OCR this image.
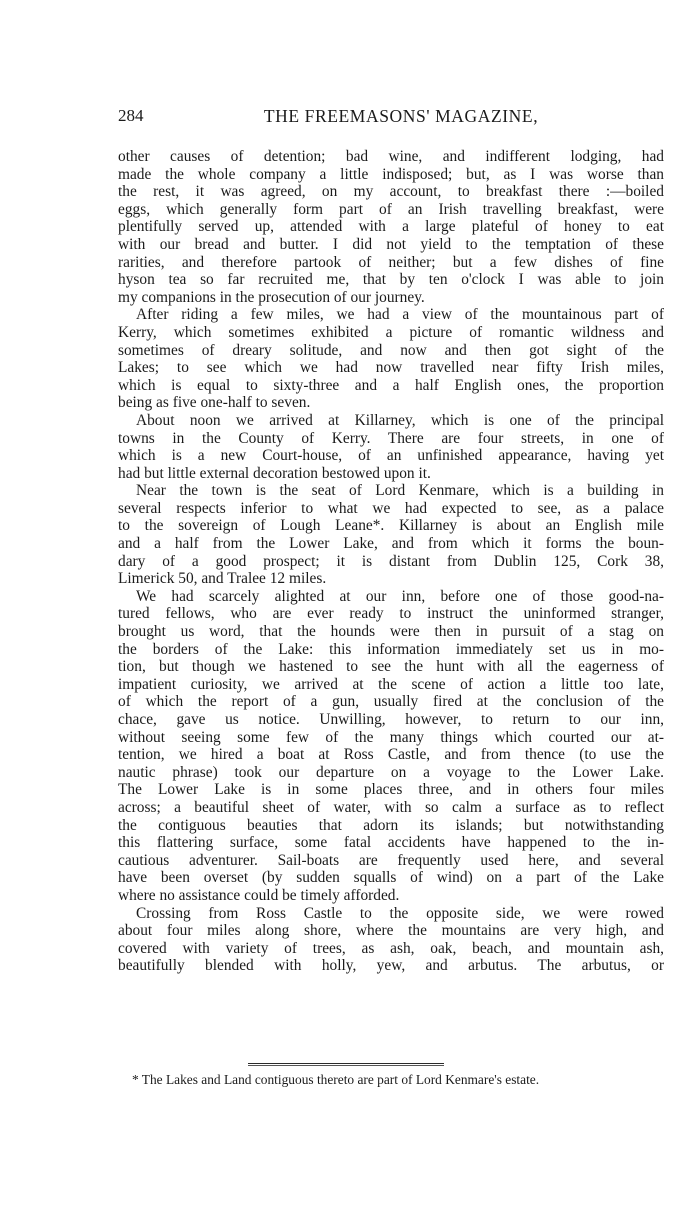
284	THE FREEMASONS' MAGAZINE,
other causes of detention; bad wine, and indifferent lodging, had
made the whole company a little indisposed; but, as I was worse than
the rest, it was agreed, on my account, to breakfast there :—boiled
eggs, which generally form part of an Irish travelling breakfast, were
plentifully served up, attended with a large plateful of honey to eat
with our bread and butter. I did not yield to the temptation of these
rarities, and therefore partook of neither; but a few dishes of fine
hyson tea so far recruited me, that by ten o'clock I was able to join
my companions in the prosecution of our journey.
After riding a few miles, we had a view of the mountainous part of
Kerry, which sometimes exhibited a picture of romantic wildness and
sometimes of dreary solitude, and now and then got sight of the
Lakes; to see which we had now travelled near fifty Irish miles,
which is equal to sixty-three and a half English ones, the proportion
being as five one-half to seven.
About noon we arrived at Killarney, which is one of the principal
towns in the County of Kerry. There are four streets, in one of
which is a new Court-house, of an unfinished appearance, having yet
had but little external decoration bestowed upon it.
Near the town is the seat of Lord Kenmare, which is a building in
several respects inferior to what we had expected to see, as a palace
to the sovereign of Lough Leane*. Killarney is about an English mile
and a half from the Lower Lake, and from which it forms the boun-
dary of a good prospect; it is distant from Dublin 125, Cork 38,
Limerick 50, and Tralee 12 miles.
We had scarcely alighted at our inn, before one of those good-na-
tured fellows, who are ever ready to instruct the uninformed stranger,
brought us word, that the hounds were then in pursuit of a stag on
the borders of the Lake: this information immediately set us in mo-
tion, but though we hastened to see the hunt with all the eagerness of
impatient curiosity, we arrived at the scene of action a little too late,
of which the report of a gun, usually fired at the conclusion of the
chace, gave us notice. Unwilling, however, to return to our inn,
without seeing some few of the many things which courted our at-
tention, we hired a boat at Ross Castle, and from thence (to use the
nautic phrase) took our departure on a voyage to the Lower Lake.
The Lower Lake is in some places three, and in others four miles
across; a beautiful sheet of water, with so calm a surface as to reflect
the contiguous beauties that adorn its islands; but notwithstanding
this flattering surface, some fatal accidents have happened to the in-
cautious adventurer. Sail-boats are frequently used here, and several
have been overset (by sudden squalls of wind) on a part of the Lake
where no assistance could be timely afforded.
Crossing from Ross Castle to the opposite side, we were rowed
about four miles along shore, where the mountains are very high, and
covered with variety of trees, as ash, oak, beach, and mountain ash,
beautifully blended with holly, yew, and arbutus. The arbutus, or
* The Lakes and Land contiguous thereto are part of Lord Kenmare's estate.
